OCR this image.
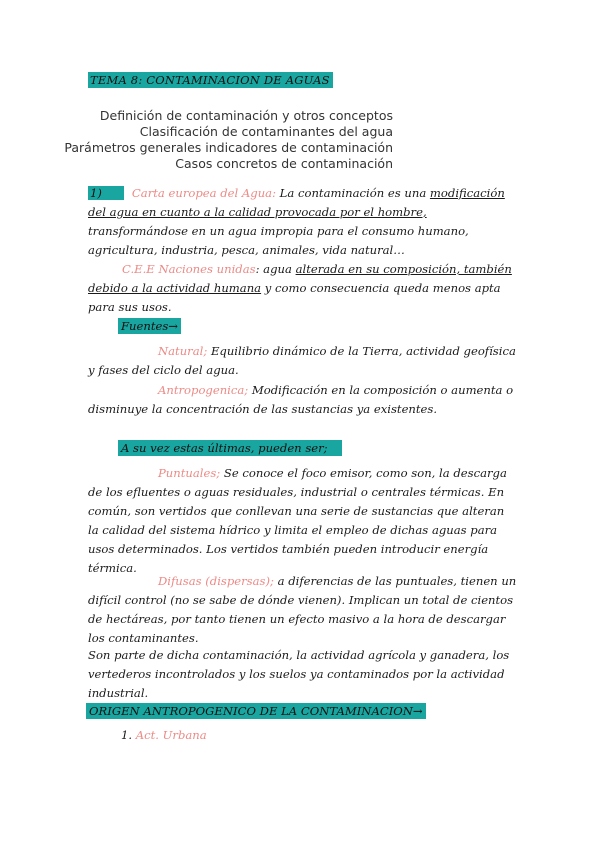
TEMA 8: CONTAMINACION DE AGUAS
Definición de contaminación y otros conceptos
Clasificación de contaminantes del agua
Parámetros generales indicadores de contaminación
Casos concretos de contaminación

1)	Carta europea del Agua: La contaminación es una modificación del agua en cuanto a la calidad provocada por el hombre, transformándose en un agua impropia para el consumo humano, agricultura, industria, pesca, animales, vida natural…

C.E.E Naciones unidas: agua alterada en su composición, también debido a la actividad humana y como consecuencia queda menos apta para sus usos.

Fuentes→

Natural; Equilibrio dinámico de la Tierra, actividad geofísica y fases del ciclo del agua.

Antropogenica; Modificación en la composición o aumenta o disminuye la concentración de las sustancias ya existentes.

A su vez estas últimas, pueden ser;

Puntuales; Se conoce el foco emisor, como son, la descarga de los efluentes o aguas residuales, industrial o centrales térmicas. En común, son vertidos que conllevan una serie de sustancias que alteran la calidad del sistema hídrico y limita el empleo de dichas aguas para usos determinados. Los vertidos también pueden introducir energía térmica.

Difusas (dispersas); a diferencias de las puntuales, tienen un difícil control (no se sabe de dónde vienen). Implican un total de cientos de hectáreas, por tanto tienen un efecto masivo a la hora de descargar los contaminantes.

Son parte de dicha contaminación, la actividad agrícola y ganadera, los vertederos incontrolados y los suelos ya contaminados por la actividad industrial.

ORIGEN ANTROPOGENICO DE LA CONTAMINACION→
1. Act. Urbana
